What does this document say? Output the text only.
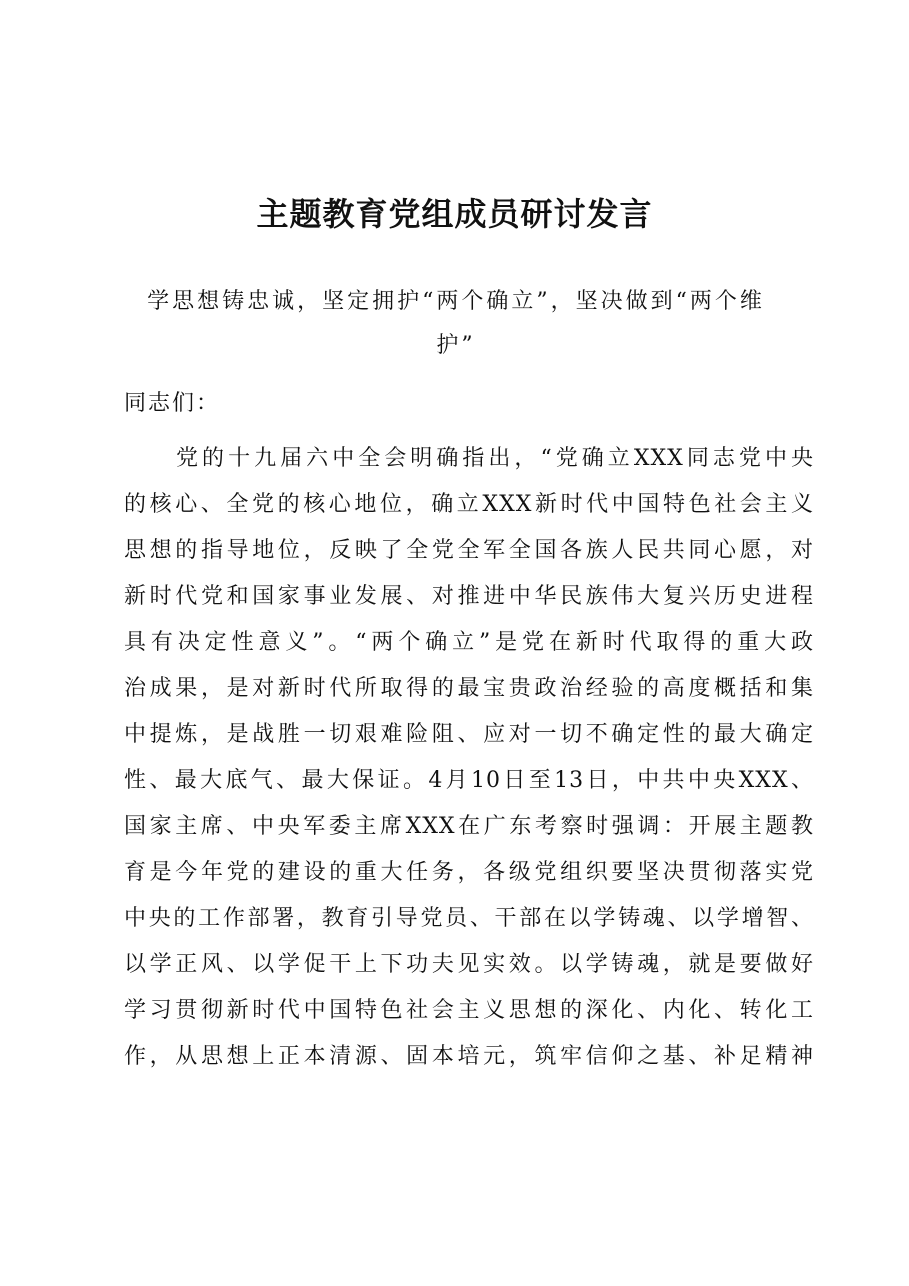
主题教育党组成员研讨发言
学思想铸忠诚，坚定拥护“两个确立”，坚决做到“两个维护”
同志们：
党的十九届六中全会明确指出，“党确立XXX同志党中央
的核心、全党的核心地位，确立XXX新时代中国特色社会主义
思想的指导地位，反映了全党全军全国各族人民共同心愿，对
新时代党和国家事业发展、对推进中华民族伟大复兴历史进程
具有决定性意义”。“两个确立”是党在新时代取得的重大政
治成果，是对新时代所取得的最宝贵政治经验的高度概括和集
中提炼，是战胜一切艰难险阻、应对一切不确定性的最大确定
性、最大底气、最大保证。4月10日至13日，中共中央XXX、
国家主席、中央军委主席XXX在广东考察时强调：开展主题教
育是今年党的建设的重大任务，各级党组织要坚决贯彻落实党
中央的工作部署，教育引导党员、干部在以学铸魂、以学增智、
以学正风、以学促干上下功夫见实效。以学铸魂，就是要做好
学习贯彻新时代中国特色社会主义思想的深化、内化、转化工
作，从思想上正本清源、固本培元，筑牢信仰之基、补足精神
